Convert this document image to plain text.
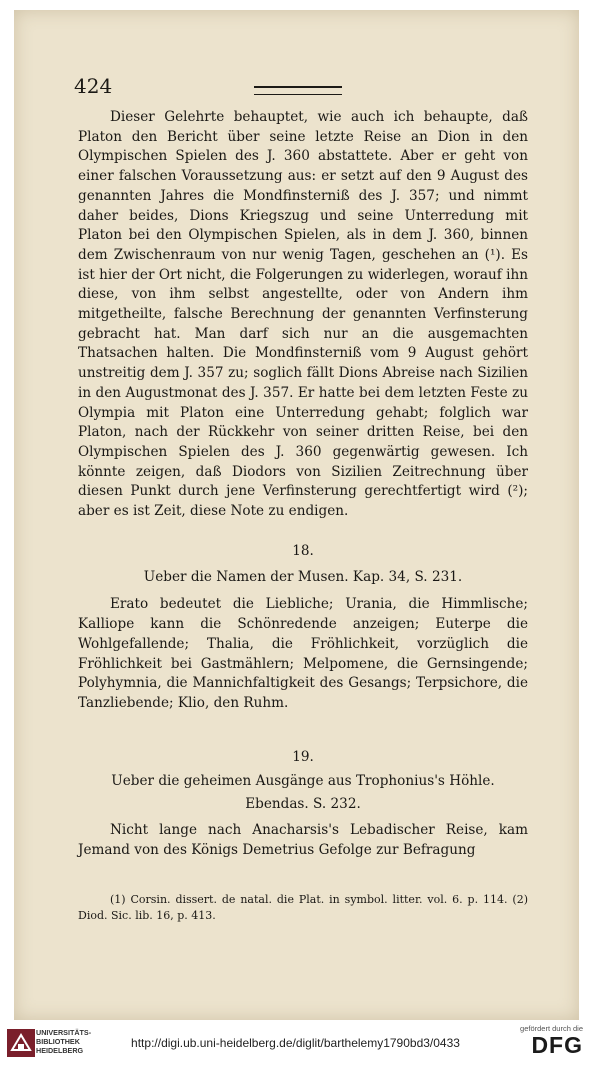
424

Dieser Gelehrte behauptet, wie auch ich behaupte, daß Platon den Bericht über seine letzte Reise an Dion in den Olympischen Spielen des J. 360 abstattete. Aber er geht von einer falschen Voraussetzung aus: er setzt auf den 9 August des genannten Jahres die Mondfinsterniß des J. 357; und nimmt daher beides, Dions Kriegszug und seine Unterredung mit Platon bei den Olympischen Spielen, als in dem J. 360, binnen dem Zwischenraum von nur wenig Tagen, geschehen an (¹). Es ist hier der Ort nicht, die Folgerungen zu widerlegen, worauf ihn diese, von ihm selbst angestellte, oder von Andern ihm mitgetheilte, falsche Berechnung der genannten Verfinsterung gebracht hat. Man darf sich nur an die ausgemachten Thatsachen halten. Die Mondfinsterniß vom 9 August gehört unstreitig dem J. 357 zu; soglich fällt Dions Abreise nach Sizilien in den Augustmonat des J. 357. Er hatte bei dem letzten Feste zu Olympia mit Platon eine Unterredung gehabt; folglich war Platon, nach der Rückkehr von seiner dritten Reise, bei den Olympischen Spielen des J. 360 gegenwärtig gewesen. Ich könnte zeigen, daß Diodors von Sizilien Zeitrechnung über diesen Punkt durch jene Verfinsterung gerechtfertigt wird (²); aber es ist Zeit, diese Note zu endigen.

18.

Ueber die Namen der Musen. Kap. 34, S. 231.

Erato bedeutet die Liebliche; Urania, die Himmlische; Kalliope kann die Schönredende anzeigen; Euterpe die Wohlgefallende; Thalia, die Fröhlichkeit, vorzüglich die Fröhlichkeit bei Gastmählern; Melpomene, die Gernsingende; Polyhymnia, die Mannichfaltigkeit des Gesangs; Terpsichore, die Tanzliebende; Klio, den Ruhm.

19.

Ueber die geheimen Ausgänge aus Trophonius's Höhle.

Ebendas. S. 232.

Nicht lange nach Anacharsis's Lebadischer Reise, kam Jemand von des Königs Demetrius Gefolge zur Befragung

(1) Corsin. dissert. de natal. die Plat. in symbol. litter. vol. 6. p. 114. (2) Diod. Sic. lib. 16, p. 413.

UNIVERSITÄTS-
BIBLIOTHEK
HEIDELBERG
http://digi.ub.uni-heidelberg.de/diglit/barthelemy1790bd3/0433
gefördert durch die
DFG
